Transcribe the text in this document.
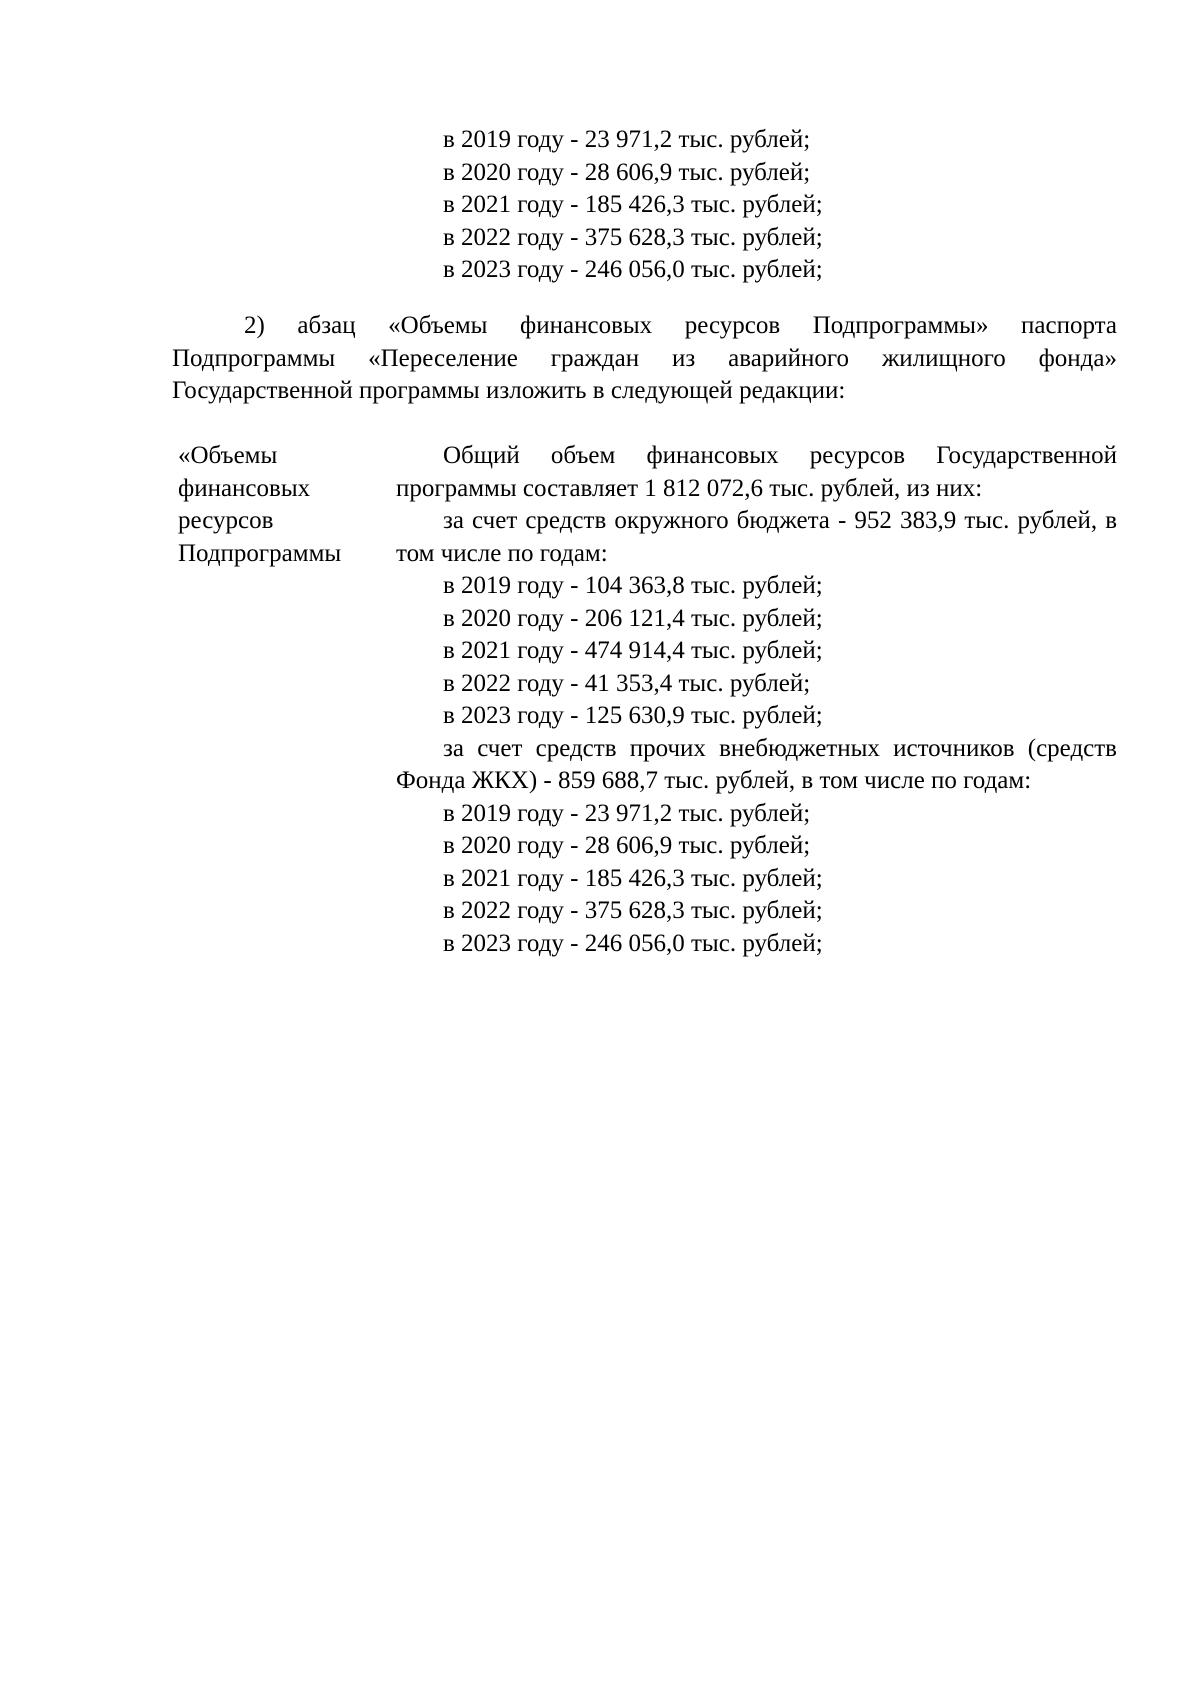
в 2019 году - 23 971,2 тыс. рублей;
в 2020 году - 28 606,9 тыс. рублей;
в 2021 году - 185 426,3 тыс. рублей;
в 2022 году - 375 628,3 тыс. рублей;
в 2023 году - 246 056,0 тыс. рублей;
2) абзац «Объемы финансовых ресурсов Подпрограммы» паспорта Подпрограммы «Переселение граждан из аварийного жилищного фонда» Государственной программы изложить в следующей редакции:
«Объемы
финансовых
ресурсов
Подпрограммы
Общий объем финансовых ресурсов Государственной программы составляет 1 812 072,6 тыс. рублей, из них:
за счет средств окружного бюджета - 952 383,9 тыс. рублей, в том числе по годам:
в 2019 году - 104 363,8 тыс. рублей;
в 2020 году - 206 121,4 тыс. рублей;
в 2021 году - 474 914,4 тыс. рублей;
в 2022 году - 41 353,4 тыс. рублей;
в 2023 году - 125 630,9 тыс. рублей;
за счет средств прочих внебюджетных источников (средств Фонда ЖКХ) - 859 688,7 тыс. рублей, в том числе по годам:
в 2019 году - 23 971,2 тыс. рублей;
в 2020 году - 28 606,9 тыс. рублей;
в 2021 году - 185 426,3 тыс. рублей;
в 2022 году - 375 628,3 тыс. рублей;
в 2023 году - 246 056,0 тыс. рублей;
